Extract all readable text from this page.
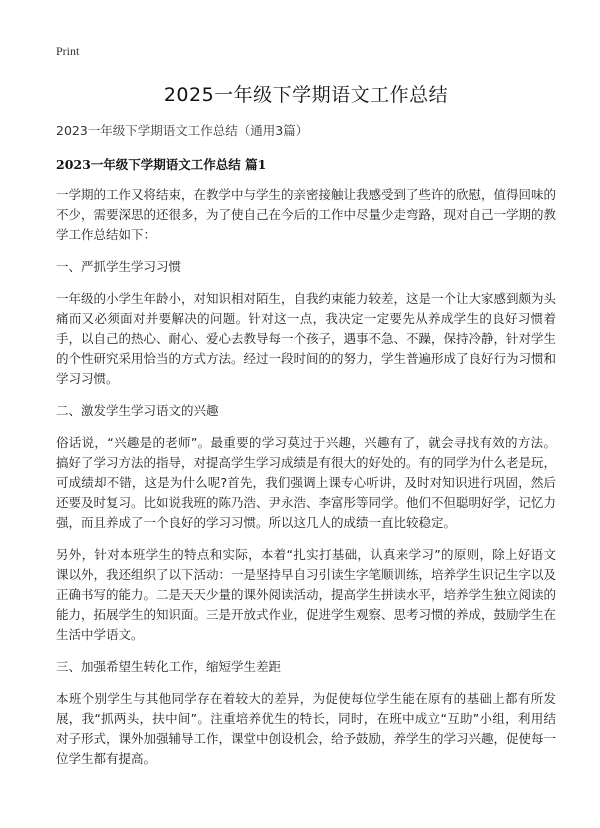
Print
2025一年级下学期语文工作总结
2023一年级下学期语文工作总结（通用3篇）
2023一年级下学期语文工作总结 篇1

一学期的工作又将结束，在教学中与学生的亲密接触让我感受到了些许的欣慰，值得回味的不少，需要深思的还很多，为了使自己在今后的工作中尽量少走弯路，现对自己一学期的教学工作总结如下：

一、严抓学生学习习惯

一年级的小学生年龄小，对知识相对陌生，自我约束能力较差，这是一个让大家感到颇为头痛而又必须面对并要解决的问题。针对这一点，我决定一定要先从养成学生的良好习惯着手，以自己的热心、耐心、爱心去教导每一个孩子，遇事不急、不躁，保持冷静，针对学生的个性研究采用恰当的方式方法。经过一段时间的的努力，学生普遍形成了良好行为习惯和学习习惯。

二、激发学生学习语文的兴趣

俗话说，“兴趣是的老师”。最重要的学习莫过于兴趣，兴趣有了，就会寻找有效的方法。搞好了学习方法的指导，对提高学生学习成绩是有很大的好处的。有的同学为什么老是玩，可成绩却不错，这是为什么呢?首先，我们强调上课专心听讲，及时对知识进行巩固，然后还要及时复习。比如说我班的陈乃浩、尹永浩、李富彤等同学。他们不但聪明好学，记忆力强，而且养成了一个良好的学习习惯。所以这几人的成绩一直比较稳定。

另外，针对本班学生的特点和实际，本着“扎实打基础，认真来学习”的原则，除上好语文课以外，我还组织了以下活动：一是坚持早自习引读生字笔顺训练，培养学生识记生字以及正确书写的能力。二是天天少量的课外阅读活动，提高学生拼读水平，培养学生独立阅读的能力，拓展学生的知识面。三是开放式作业，促进学生观察、思考习惯的养成，鼓励学生在生活中学语文。

三、加强希望生转化工作，缩短学生差距

本班个别学生与其他同学存在着较大的差异，为促使每位学生能在原有的基础上都有所发展，我“抓两头，扶中间”。注重培养优生的特长，同时，在班中成立“互助”小组，利用结对子形式，课外加强辅导工作，课堂中创设机会，给予鼓励，养学生的学习兴趣，促使每一位学生都有提高。
